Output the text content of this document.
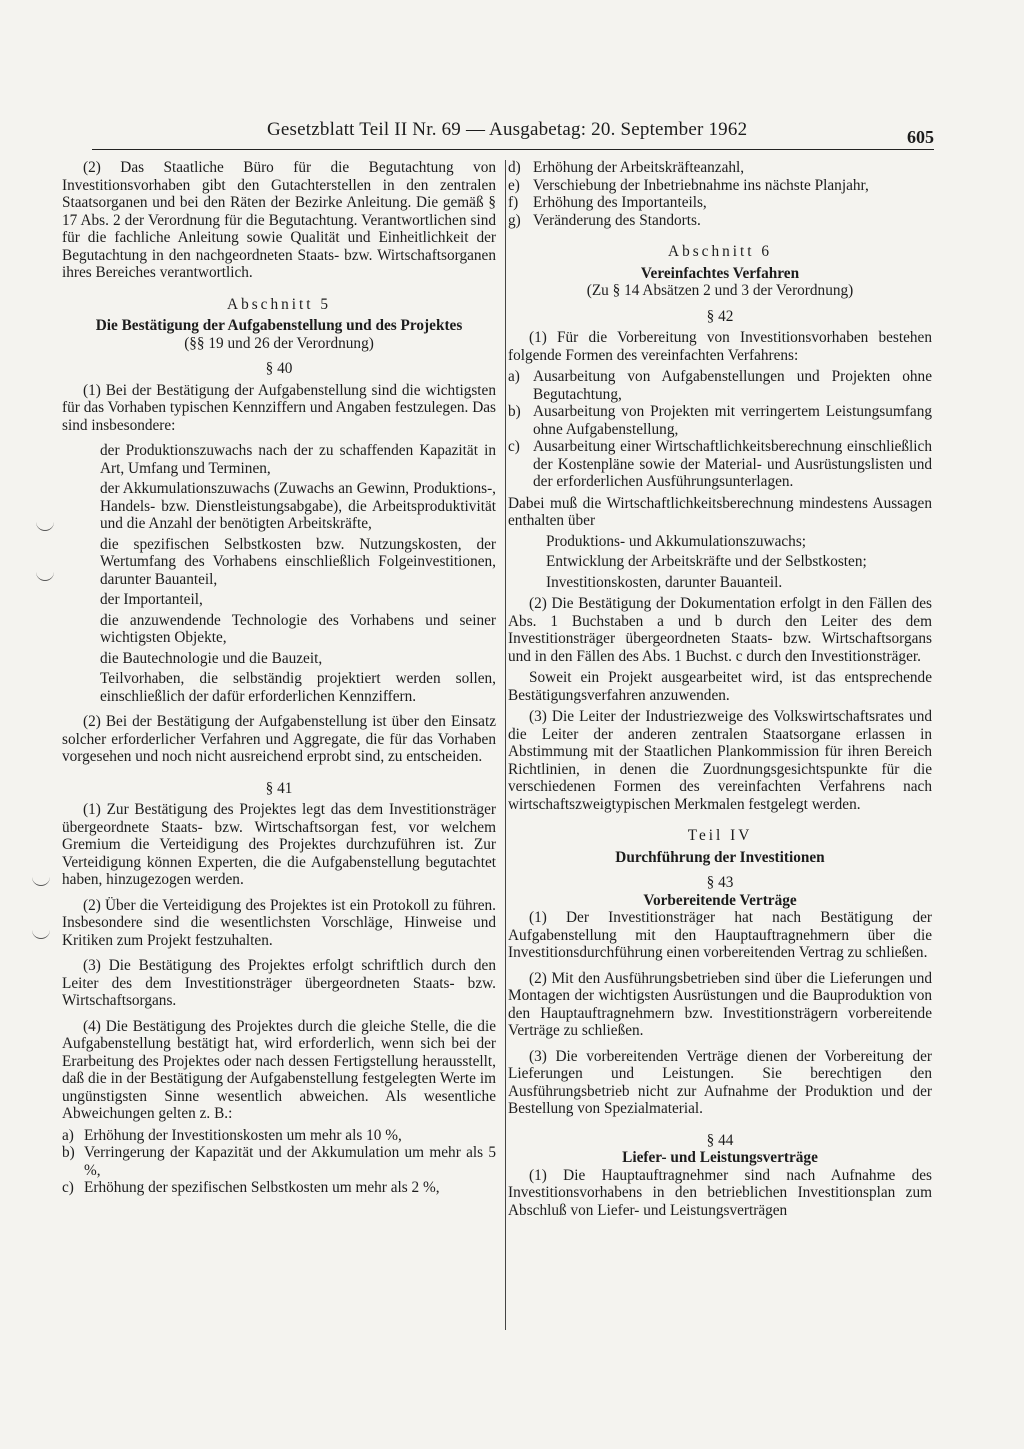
Gesetzblatt Teil II Nr. 69 — Ausgabetag: 20. September 1962	605

(2) Das Staatliche Büro für die Begutachtung von Investitionsvorhaben gibt den Gutachterstellen in den zentralen Staatsorganen und bei den Räten der Bezirke Anleitung. Die gemäß § 17 Abs. 2 der Verordnung für die Begutachtung. Verantwortlichen sind für die fachliche Anleitung sowie Qualität und Einheitlichkeit der Begutachtung in den nachgeordneten Staats- bzw. Wirtschaftsorganen ihres Bereiches verantwortlich.

Abschnitt 5

Die Bestätigung der Aufgabenstellung und des Projektes

(§§ 19 und 26 der Verordnung)

§ 40

(1) Bei der Bestätigung der Aufgabenstellung sind die wichtigsten für das Vorhaben typischen Kennziffern und Angaben festzulegen. Das sind insbesondere:

der Produktionszuwachs nach der zu schaffenden Kapazität in Art, Umfang und Terminen,

der Akkumulationszuwachs (Zuwachs an Gewinn, Produktions-, Handels- bzw. Dienstleistungsabgabe), die Arbeitsproduktivität und die Anzahl der benötigten Arbeitskräfte,

die spezifischen Selbstkosten bzw. Nutzungskosten, der Wertumfang des Vorhabens einschließlich Folgeinvestitionen, darunter Bauanteil,

der Importanteil,

die anzuwendende Technologie des Vorhabens und seiner wichtigsten Objekte,

die Bautechnologie und die Bauzeit,

Teilvorhaben, die selbständig projektiert werden sollen, einschließlich der dafür erforderlichen Kennziffern.

(2) Bei der Bestätigung der Aufgabenstellung ist über den Einsatz solcher erforderlicher Verfahren und Aggregate, die für das Vorhaben vorgesehen und noch nicht ausreichend erprobt sind, zu entscheiden.

§ 41

(1) Zur Bestätigung des Projektes legt das dem Investitionsträger übergeordnete Staats- bzw. Wirtschaftsorgan fest, vor welchem Gremium die Verteidigung des Projektes durchzuführen ist. Zur Verteidigung können Experten, die die Aufgabenstellung begutachtet haben, hinzugezogen werden.

(2) Über die Verteidigung des Projektes ist ein Protokoll zu führen. Insbesondere sind die wesentlichsten Vorschläge, Hinweise und Kritiken zum Projekt festzuhalten.

(3) Die Bestätigung des Projektes erfolgt schriftlich durch den Leiter des dem Investitionsträger übergeordneten Staats- bzw. Wirtschaftsorgans.

(4) Die Bestätigung des Projektes durch die gleiche Stelle, die die Aufgabenstellung bestätigt hat, wird erforderlich, wenn sich bei der Erarbeitung des Projektes oder nach dessen Fertigstellung herausstellt, daß die in der Bestätigung der Aufgabenstellung festgelegten Werte im ungünstigsten Sinne wesentlich abweichen. Als wesentliche Abweichungen gelten z. B.:

a) Erhöhung der Investitionskosten um mehr als 10 %,
b) Verringerung der Kapazität und der Akkumulation um mehr als 5 %,
c) Erhöhung der spezifischen Selbstkosten um mehr als 2 %,
d) Erhöhung der Arbeitskräfteanzahl,
e) Verschiebung der Inbetriebnahme ins nächste Planjahr,
f) Erhöhung des Importanteils,
g) Veränderung des Standorts.

Abschnitt 6

Vereinfachtes Verfahren

(Zu § 14 Absätzen 2 und 3 der Verordnung)

§ 42

(1) Für die Vorbereitung von Investitionsvorhaben bestehen folgende Formen des vereinfachten Verfahrens:

a) Ausarbeitung von Aufgabenstellungen und Projekten ohne Begutachtung,
b) Ausarbeitung von Projekten mit verringertem Leistungsumfang ohne Aufgabenstellung,
c) Ausarbeitung einer Wirtschaftlichkeitsberechnung einschließlich der Kostenpläne sowie der Material- und Ausrüstungslisten und der erforderlichen Ausführungsunterlagen.

Dabei muß die Wirtschaftlichkeitsberechnung mindestens Aussagen enthalten über

Produktions- und Akkumulationszuwachs;

Entwicklung der Arbeitskräfte und der Selbstkosten;

Investitionskosten, darunter Bauanteil.

(2) Die Bestätigung der Dokumentation erfolgt in den Fällen des Abs. 1 Buchstaben a und b durch den Leiter des dem Investitionsträger übergeordneten Staats- bzw. Wirtschaftsorgans und in den Fällen des Abs. 1 Buchst. c durch den Investitionsträger.

Soweit ein Projekt ausgearbeitet wird, ist das entsprechende Bestätigungsverfahren anzuwenden.

(3) Die Leiter der Industriezweige des Volkswirtschaftsrates und die Leiter der anderen zentralen Staatsorgane erlassen in Abstimmung mit der Staatlichen Plankommission für ihren Bereich Richtlinien, in denen die Zuordnungsgesichtspunkte für die verschiedenen Formen des vereinfachten Verfahrens nach wirtschaftszweigtypischen Merkmalen festgelegt werden.

Teil IV

Durchführung der Investitionen

§ 43

Vorbereitende Verträge

(1) Der Investitionsträger hat nach Bestätigung der Aufgabenstellung mit den Hauptauftragnehmern über die Investitionsdurchführung einen vorbereitenden Vertrag zu schließen.

(2) Mit den Ausführungsbetrieben sind über die Lieferungen und Montagen der wichtigsten Ausrüstungen und die Bauproduktion von den Hauptauftragnehmern bzw. Investitionsträgern vorbereitende Verträge zu schließen.

(3) Die vorbereitenden Verträge dienen der Vorbereitung der Lieferungen und Leistungen. Sie berechtigen den Ausführungsbetrieb nicht zur Aufnahme der Produktion und der Bestellung von Spezialmaterial.

§ 44

Liefer- und Leistungsverträge

(1) Die Hauptauftragnehmer sind nach Aufnahme des Investitionsvorhabens in den betrieblichen Investitionsplan zum Abschluß von Liefer- und Leistungsverträgen
